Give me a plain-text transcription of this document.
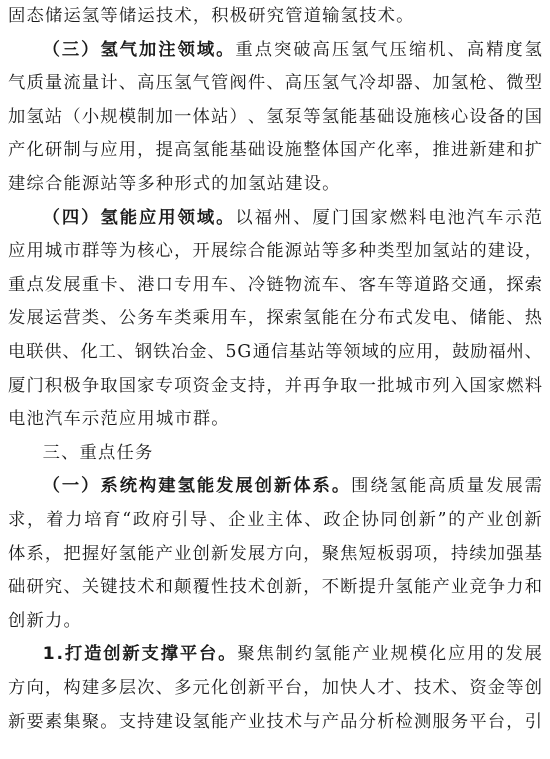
固态储运氢等储运技术，积极研究管道输氢技术。
（ 三 ） 氢 气 加 注 领 域 。 重 点 突 破 高 压 氢 气 压 缩 机 、 高 精 度 氢
气 质 量 流 量 计 、 高 压 氢 气 管 阀 件 、 高 压 氢 气 冷 却 器 、 加 氢 枪 、 微 型
加 氢 站 （ 小 规 模 制 加 一 体 站 ） 、 氢 泵 等 氢 能 基 础 设 施 核 心 设 备 的 国
产 化 研 制 与 应 用 ， 提 高 氢 能 基 础 设 施 整 体 国 产 化 率 ， 推 进 新 建 和 扩
建综合能源站等多种形式的加氢站建设。
（ 四 ） 氢 能 应 用 领 域 。 以 福 州 、 厦 门 国 家 燃 料 电 池 汽 车 示 范
应 用 城 市 群 等 为 核 心 ， 开 展 综 合 能 源 站 等 多 种 类 型 加 氢 站 的 建 设 ，
重 点 发 展 重 卡 、 港 口 专 用 车 、 冷 链 物 流 车 、 客 车 等 道 路 交 通 ， 探 索
发 展 运 营 类 、 公 务 车 类 乘 用 车 ， 探 索 氢 能 在 分 布 式 发 电 、 储 能 、 热
电 联 供 、 化 工 、 钢 铁 冶 金 、 5 G 通 信 基 站 等 领 域 的 应 用 ， 鼓 励 福 州 、
厦 门 积 极 争 取 国 家 专 项 资 金 支 持 ， 并 再 争 取 一 批 城 市 列 入 国 家 燃 料
电池汽车示范应用城市群。
三、重点任务
（ 一 ） 系 统 构 建 氢 能 发 展 创 新 体 系 。 围 绕 氢 能 高 质 量 发 展 需
求 ， 着 力 培 育 “ 政 府 引 导 、 企 业 主 体 、 政 企 协 同 创 新 ” 的 产 业 创 新
体 系 ， 把 握 好 氢 能 产 业 创 新 发 展 方 向 ， 聚 焦 短 板 弱 项 ， 持 续 加 强 基
础 研 究 、 关 键 技 术 和 颠 覆 性 技 术 创 新 ， 不 断 提 升 氢 能 产 业 竞 争 力 和
创新力。
1 . 打 造 创 新 支 撑 平 台 。 聚 焦 制 约 氢 能 产 业 规 模 化 应 用 的 发 展
方 向 ， 构 建 多 层 次 、 多 元 化 创 新 平 台 ， 加 快 人 才 、 技 术 、 资 金 等 创
新 要 素 集 聚 。 支 持 建 设 氢 能 产 业 技 术 与 产 品 分 析 检 测 服 务 平 台 ， 引
